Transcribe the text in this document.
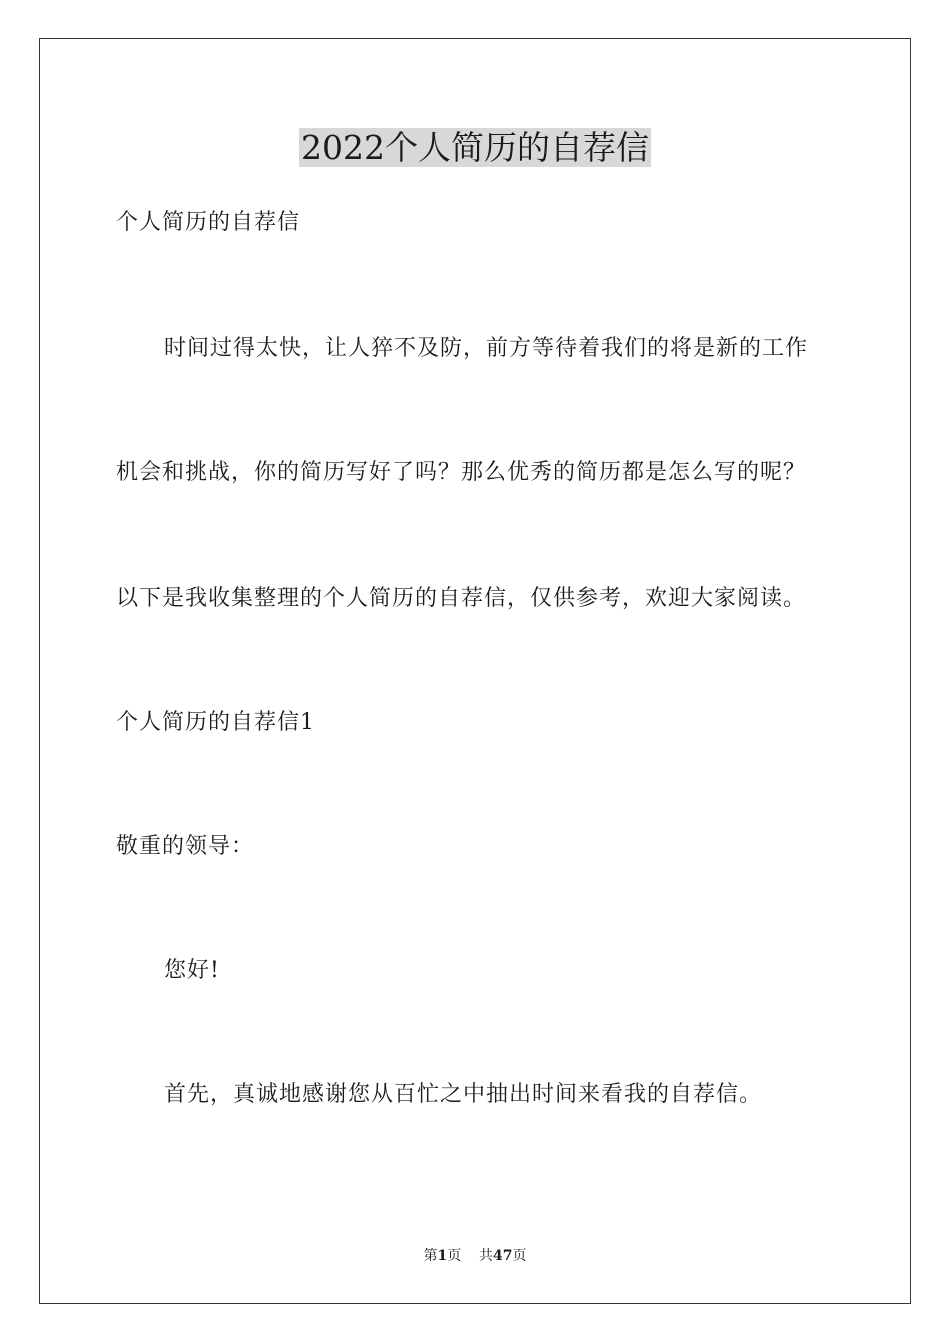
2022个人简历的自荐信
个人简历的自荐信
时间过得太快，让人猝不及防，前方等待着我们的将是新的工作
机会和挑战，你的简历写好了吗？那么优秀的简历都是怎么写的呢？
以下是我收集整理的个人简历的自荐信，仅供参考，欢迎大家阅读。
个人简历的自荐信1
敬重的领导：
您好!
首先，真诚地感谢您从百忙之中抽出时间来看我的自荐信。
第1页 共47页
